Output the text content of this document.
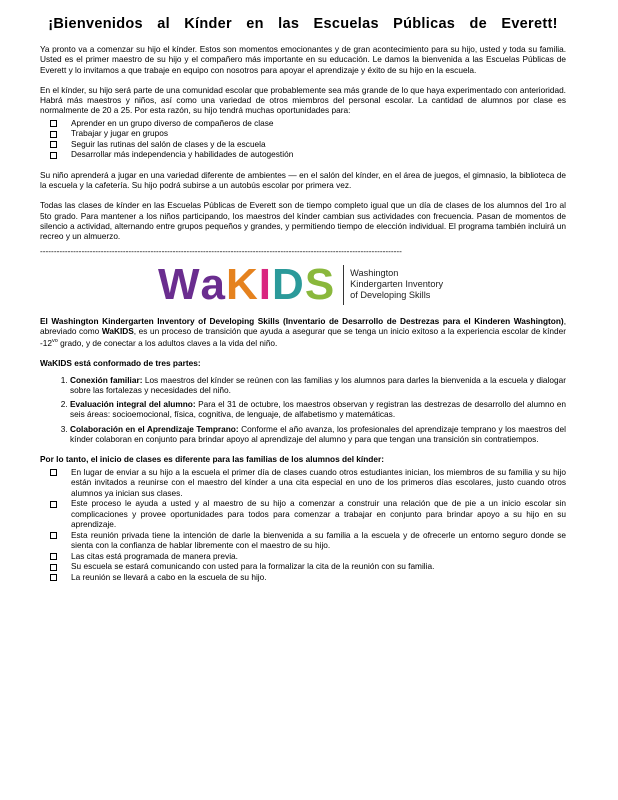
¡Bienvenidos al Kínder en las Escuelas Públicas de Everett!

Ya pronto va a comenzar su hijo el kínder. Estos son momentos emocionantes y de gran acontecimiento para su hijo, usted y toda su familia. Usted es el primer maestro de su hijo y el compañero más importante en su educación. Le damos la bienvenida a las Escuelas Públicas de Everett y lo invitamos a que trabaje en equipo con nosotros para apoyar el aprendizaje y éxito de su hijo en la escuela.

En el kínder, su hijo será parte de una comunidad escolar que probablemente sea más grande de lo que haya experimentado con anterioridad. Habrá más maestros y niños, así como una variedad de otros miembros del personal escolar. La cantidad de alumnos por clase es normalmente de 20 a 25. Por esta razón, su hijo tendrá muchas oportunidades para:

Aprender en un grupo diverso de compañeros de clase
Trabajar y jugar en grupos
Seguir las rutinas del salón de clases y de la escuela
Desarrollar más independencia y habilidades de autogestión

Su niño aprenderá a jugar en una variedad diferente de ambientes — en el salón del kínder, en el área de juegos, el gimnasio, la biblioteca de la escuela y la cafetería. Su hijo podrá subirse a un autobús escolar por primera vez.

Todas las clases de kínder en las Escuelas Públicas de Everett son de tiempo completo igual que un día de clases de los alumnos del 1ro al 5to grado. Para mantener a los niños participando, los maestros del kínder cambian sus actividades con frecuencia. Pasan de momentos de silencio a actividad, alternando entre grupos pequeños y grandes, y permitiendo tiempo de elección individual. El programa también incluirá un recreo y un almuerzo.

-----------------------------------------------------------------------------------------------------------------------------------
WaKIDS Washington
Kindergarten Inventory
of Developing Skills

El Washington Kindergarten Inventory of Developing Skills (Inventario de Desarrollo de Destrezas para el Kinderen Washington), abreviado como WaKIDS, es un proceso de transición que ayuda a asegurar que se tenga un inicio exitoso a la experiencia escolar de kínder $-12^{vo}$ grado, y de conectar a los adultos claves a la vida del niño.

WaKIDS está conformado de tres partes:
1. Conexión familiar: Los maestros del kínder se reúnen con las familias y los alumnos para darles la bienvenida a la escuela y dialogar sobre las fortalezas y necesidades del niño.
2. Evaluación integral del alumno: Para el 31 de octubre, los maestros observan y registran las destrezas de desarrollo del alumno en seis áreas: socioemocional, física, cognitiva, de lenguaje, de alfabetismo y matemáticas.
3. Colaboración en el Aprendizaje Temprano: Conforme el año avanza, los profesionales del aprendizaje temprano y los maestros del kínder colaboran en conjunto para brindar apoyo al aprendizaje del alumno y para que tengan una transición sin contratiempos.
Por lo tanto, el inicio de clases es diferente para las familias de los alumnos del kínder:
En lugar de enviar a su hijo a la escuela el primer día de clases cuando otros estudiantes inician, los miembros de su familia y su hijo están invitados a reunirse con el maestro del kínder a una cita especial en uno de los primeros días escolares, justo cuando otros alumnos ya inician sus clases.
Este proceso le ayuda a usted y al maestro de su hijo a comenzar a construir una relación que de pie a un inicio escolar sin complicaciones y provee oportunidades para todos para comenzar a trabajar en conjunto para brindar apoyo a su hijo en su aprendizaje.
Esta reunión privada tiene la intención de darle la bienvenida a su familia a la escuela y de ofrecerle un entorno seguro donde se sienta con la confianza de hablar libremente con el maestro de su hijo.
Las citas está programada de manera previa.
Su escuela se estará comunicando con usted para la formalizar la cita de la reunión con su familia.
La reunión se llevará a cabo en la escuela de su hijo.
